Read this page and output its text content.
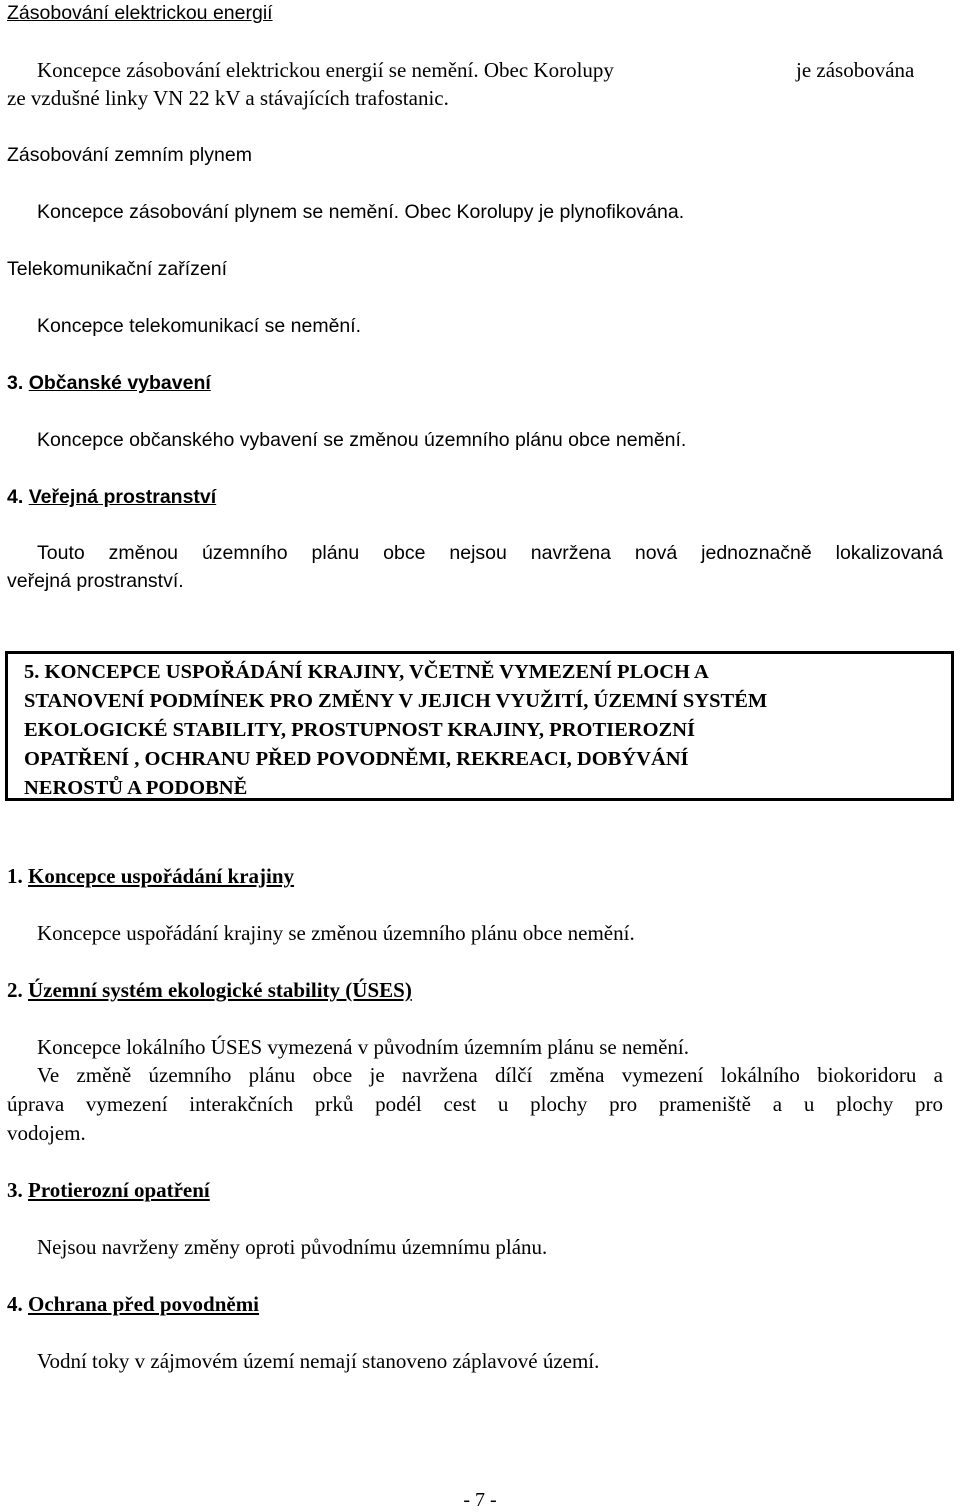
Zásobování elektrickou energií

Koncepce zásobování elektrickou energií se nemění. Obec Korolupy	je zásobována

ze vzdušné linky VN 22 kV a stávajících trafostanic.

Zásobování zemním plynem

Koncepce zásobování plynem se nemění. Obec Korolupy je plynofikována.

Telekomunikační zařízení

Koncepce telekomunikací se nemění.

3. Občanské vybavení

Koncepce občanského vybavení se změnou územního plánu obce nemění.

4. Veřejná prostranství

Touto změnou územního plánu obce nejsou navržena nová jednoznačně lokalizovaná

veřejná prostranství.

5. KONCEPCE USPOŘÁDÁNÍ KRAJINY, VČETNĚ VYMEZENÍ PLOCH A

STANOVENÍ PODMÍNEK PRO ZMĚNY V JEJICH VYUŽITÍ, ÚZEMNÍ SYSTÉM

EKOLOGICKÉ STABILITY, PROSTUPNOST KRAJINY, PROTIEROZNÍ

OPATŘENÍ , OCHRANU PŘED POVODNĚMI, REKREACI, DOBÝVÁNÍ

NEROSTŮ A PODOBNĚ

1. Koncepce uspořádání krajiny

Koncepce uspořádání krajiny se změnou územního plánu obce nemění.

2. Územní systém ekologické stability (ÚSES)

Koncepce lokálního ÚSES vymezená v původním územním plánu se nemění.

Ve změně územního plánu obce je navržena dílčí změna vymezení lokálního biokoridoru a

úprava vymezení interakčních prků podél cest u plochy pro prameniště a u plochy pro

vodojem.

3. Protierozní opatření

Nejsou navrženy změny oproti původnímu územnímu plánu.

4. Ochrana před povodněmi

Vodní toky v zájmovém území nemají stanoveno záplavové území.

- 7 -
